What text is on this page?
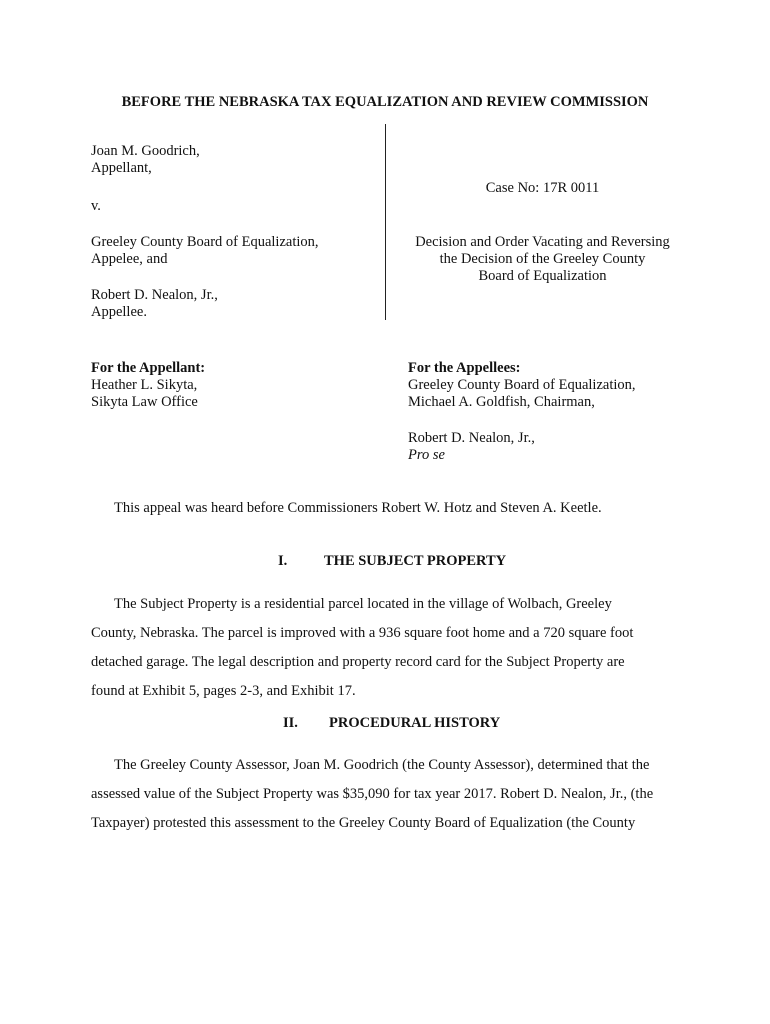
BEFORE THE NEBRASKA TAX EQUALIZATION AND REVIEW COMMISSION
Joan M. Goodrich,
Appellant,
v.
Greeley County Board of Equalization,
Appelee, and
Robert D. Nealon, Jr.,
Appellee.
Case No: 17R 0011
Decision and Order Vacating and Reversing
the Decision of the Greeley County
Board of Equalization
For the Appellant:
Heather L. Sikyta,
Sikyta Law Office
For the Appellees:
Greeley County Board of Equalization,
Michael A. Goldfish, Chairman,
Robert D. Nealon, Jr.,
Pro se
This appeal was heard before Commissioners Robert W. Hotz and Steven A. Keetle.
I.	THE SUBJECT PROPERTY
The Subject Property is a residential parcel located in the village of Wolbach, Greeley
County, Nebraska. The parcel is improved with a 936 square foot home and a 720 square foot
detached garage. The legal description and property record card for the Subject Property are
found at Exhibit 5, pages 2-3, and Exhibit 17.
II. PROCEDURAL HISTORY
The Greeley County Assessor, Joan M. Goodrich (the County Assessor), determined that the
assessed value of the Subject Property was $35,090 for tax year 2017. Robert D. Nealon, Jr., (the
Taxpayer) protested this assessment to the Greeley County Board of Equalization (the County
